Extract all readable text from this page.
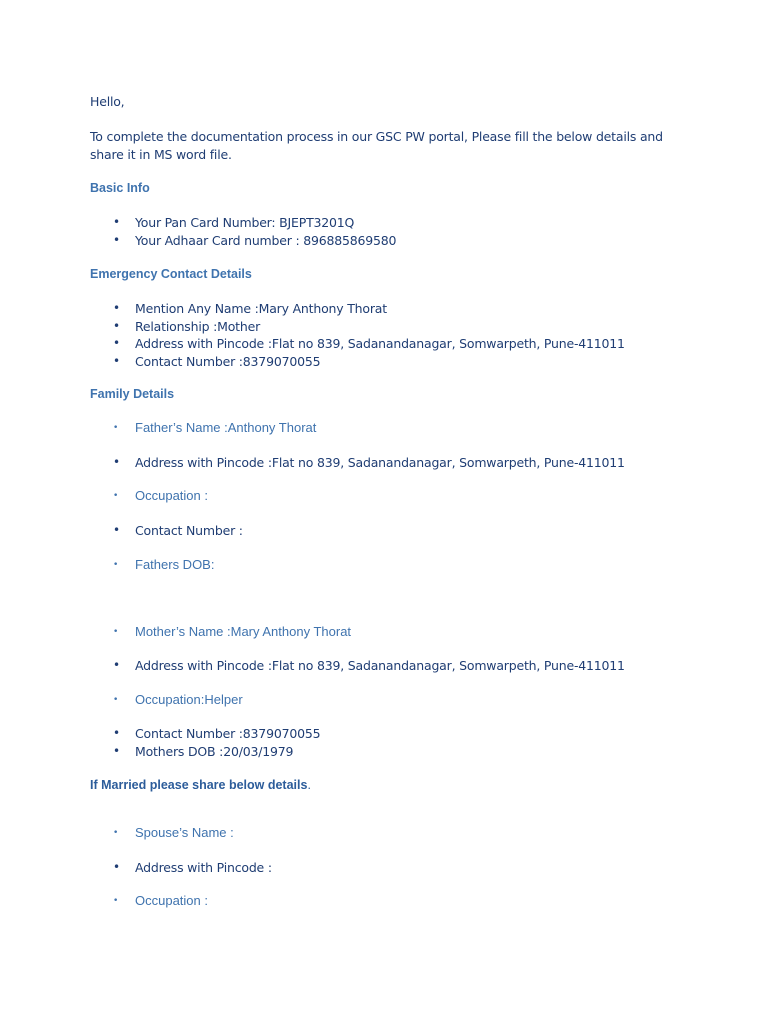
Hello,

To complete the documentation process in our GSC PW portal, Please fill the below details and share it in MS word file.

Basic Info

• Your Pan Card Number: BJEPT3201Q
• Your Adhaar Card number : 896885869580

Emergency Contact Details

• Mention Any Name :Mary Anthony Thorat
• Relationship :Mother
• Address with Pincode :Flat no 839, Sadanandanagar, Somwarpeth, Pune-411011
• Contact Number :8379070055

Family Details

• Father’s Name :Anthony Thorat
• Address with Pincode :Flat no 839, Sadanandanagar, Somwarpeth, Pune-411011
• Occupation :
• Contact Number :
• Fathers DOB:
• Mother’s Name :Mary Anthony Thorat
• Address with Pincode :Flat no 839, Sadanandanagar, Somwarpeth, Pune-411011
• Occupation:Helper
• Contact Number :8379070055
• Mothers DOB :20/03/1979

If Married please share below details.

• Spouse’s Name :
• Address with Pincode :
• Occupation :
